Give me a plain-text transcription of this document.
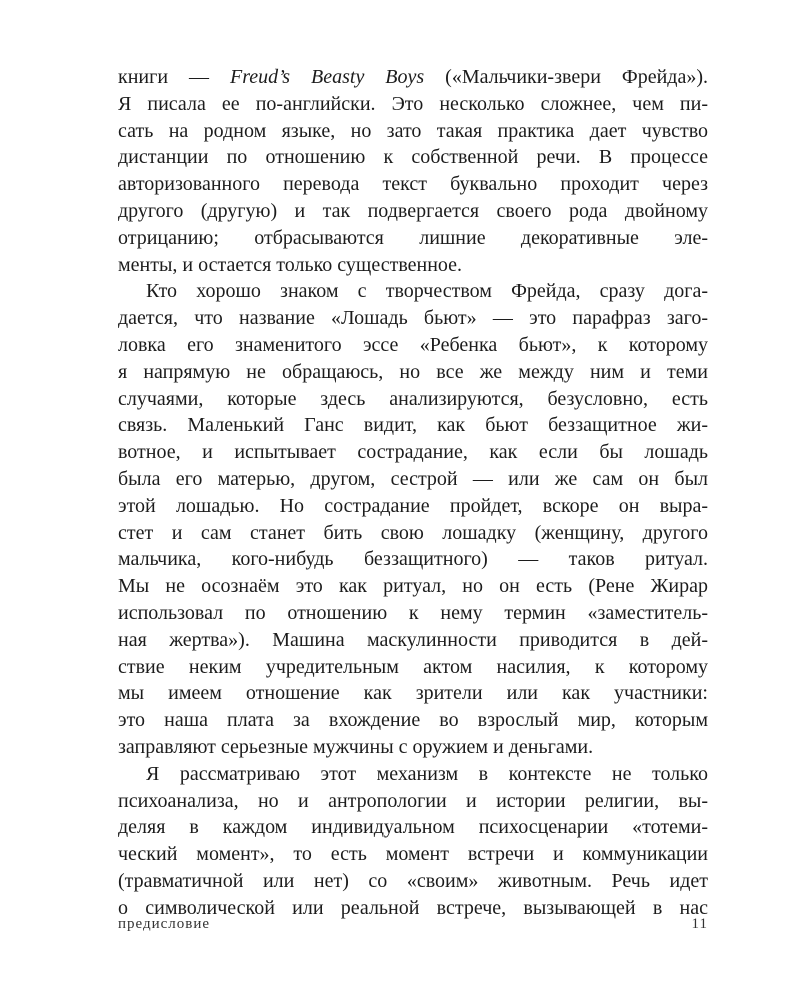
книги — Freud’s Beasty Boys («Мальчики-звери Фрейда»).
Я писала ее по-английски. Это несколько сложнее, чем пи-
сать на родном языке, но зато такая практика дает чувство
дистанции по отношению к собственной речи. В процессе
авторизованного перевода текст буквально проходит через
другого (другую) и так подвергается своего рода двойному
отрицанию; отбрасываются лишние декоративные эле-
менты, и остается только существенное.
Кто хорошо знаком с творчеством Фрейда, сразу дога-
дается, что название «Лошадь бьют» — это парафраз заго-
ловка его знаменитого эссе «Ребенка бьют», к которому
я напрямую не обращаюсь, но все же между ним и теми
случаями, которые здесь анализируются, безусловно, есть
связь. Маленький Ганс видит, как бьют беззащитное жи-
вотное, и испытывает сострадание, как если бы лошадь
была его матерью, другом, сестрой — или же сам он был
этой лошадью. Но сострадание пройдет, вскоре он выра-
стет и сам станет бить свою лошадку (женщину, другого
мальчика, кого-нибудь беззащитного) — таков ритуал.
Мы не осознаём это как ритуал, но он есть (Рене Жирар
использовал по отношению к нему термин «заместитель-
ная жертва»). Машина маскулинности приводится в дей-
ствие неким учредительным актом насилия, к которому
мы имеем отношение как зрители или как участники:
это наша плата за вхождение во взрослый мир, которым
заправляют серьезные мужчины с оружием и деньгами.
Я рассматриваю этот механизм в контексте не только
психоанализа, но и антропологии и истории религии, вы-
деляя в каждом индивидуальном психосценарии «тотеми-
ческий момент», то есть момент встречи и коммуникации
(травматичной или нет) со «своим» животным. Речь идет
о символической или реальной встрече, вызывающей в нас
предисловие	11
